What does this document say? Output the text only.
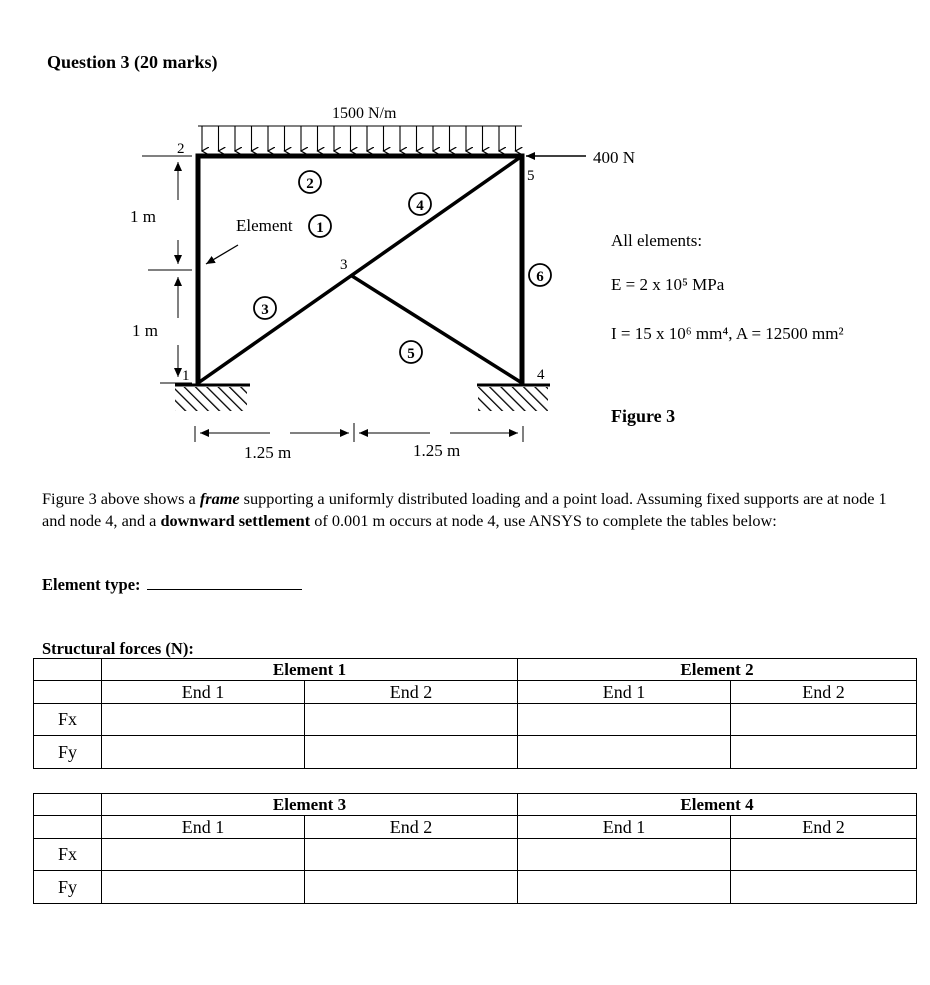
Question 3 (20 marks)
1500 N/m
400 N
2
5
3
1	4
2
4
Element 1
3
5
6
1 m
1 m
1.25 m	1.25 m
All elements:
E = 2 x 10⁵ MPa
I = 15 x 10⁶ mm⁴, A = 12500 mm²
Figure 3
Figure 3 above shows a frame supporting a uniformly distributed loading and a point load. Assuming fixed supports are at node 1 and node 4, and a downward settlement of 0.001 m occurs at node 4, use ANSYS to complete the tables below:
Element type:
Structural forces (N):
	Element 1		Element 2	
	End 1	End 2	End 1	End 2
Fx				
Fy				
	Element 3		Element 4	
	End 1	End 2	End 1	End 2
Fx				
Fy				
